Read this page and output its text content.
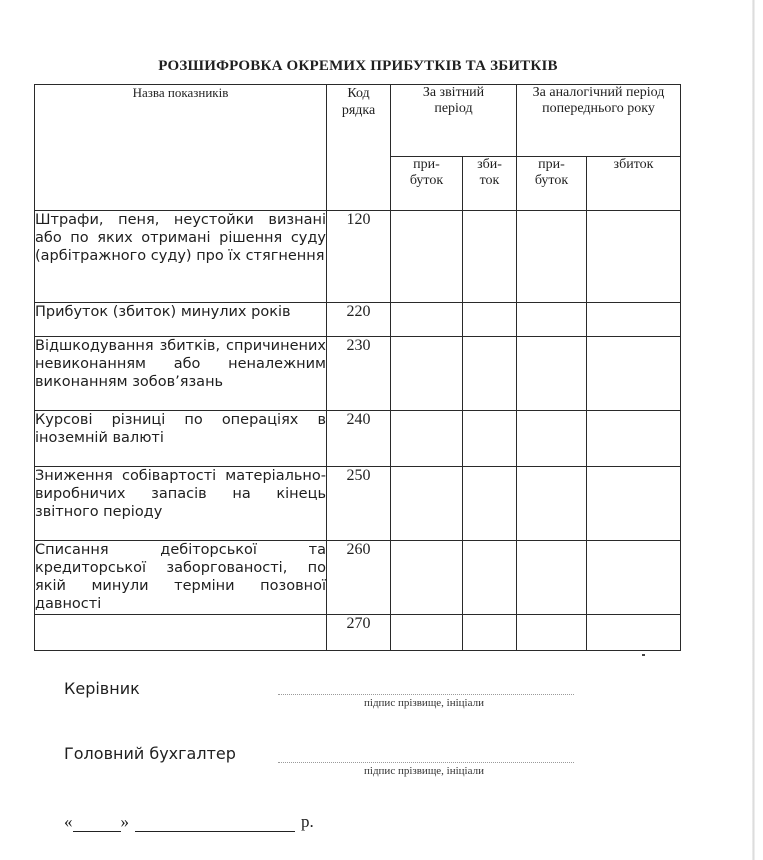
РОЗШИФРОВКА ОКРЕМИХ ПРИБУТКІВ ТА ЗБИТКІВ
Назва показників	Код рядка	За звітний період		За аналогічний період попереднього року	
		при-буток	зби-ток	при-буток	збиток
Штрафи, пеня, неустойки визнані або по яких отримані рішення суду (арбітражного суду) про їх стягнення	120				
Прибуток (збиток) минулих років	220				
Відшкодування збитків, спричинених невиконанням або неналежним виконанням зобов’язань	230				
Курсові різниці по операціях в іноземній валюті	240				
Зниження собівартості матеріально-виробничих запасів на кінець звітного періоду	250				
Списання дебіторської та кредиторської заборгованості, по якій минули терміни позовної давності	260				
	270				
Керівник
підпис прізвище, ініціали
Головний бухгалтер
підпис прізвище, ініціали
«	»	р.
